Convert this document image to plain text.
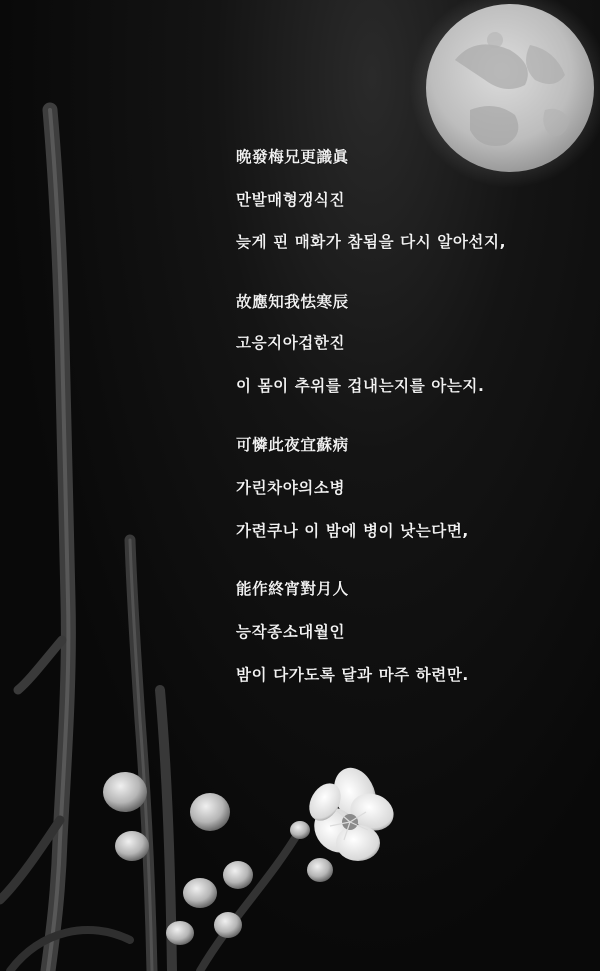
晩發梅兄更識眞
만발매형갱식진
늦게 핀 매화가 참됨을 다시 알아선지,
故應知我怯寒辰
고응지아겁한진
이 몸이 추위를 겁내는지를 아는지.
可憐此夜宜蘇病
가린차야의소병
가련쿠나 이 밤에 병이 낫는다면,
能作終宵對月人
능작종소대월인
밤이 다가도록 달과 마주 하련만.
